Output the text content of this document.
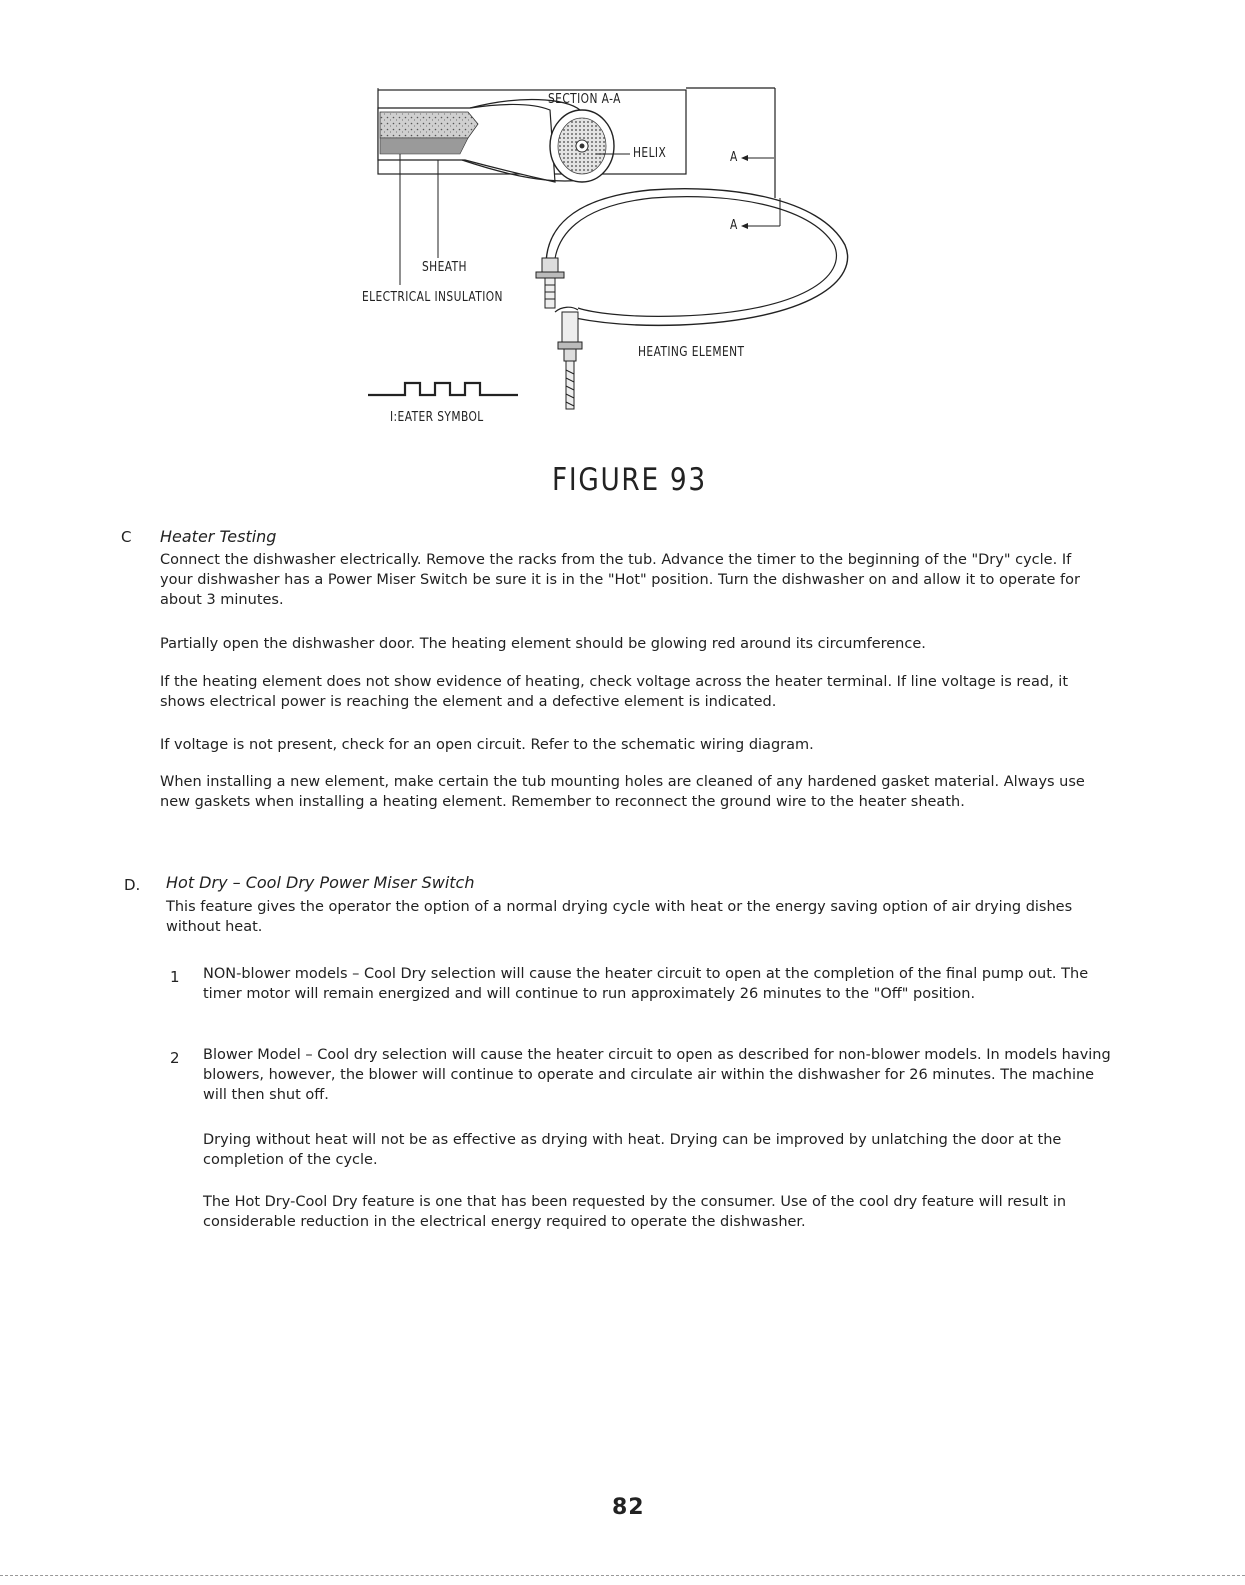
SECTION A-A
HELIX	A
A
SHEATH
ELECTRICAL INSULATION
HEATING ELEMENT
I:EATER SYMBOL
FIGURE 93
C Heater Testing

Connect the dishwasher electrically. Remove the racks from the tub. Advance the timer to the beginning of the "Dry" cycle. If your dishwasher has a Power Miser Switch be sure it is in the "Hot" position. Turn the dishwasher on and allow it to operate for about 3 minutes.

Partially open the dishwasher door. The heating element should be glowing red around its circumference.

If the heating element does not show evidence of heating, check voltage across the heater terminal. If line voltage is read, it shows electrical power is reaching the element and a defective element is indicated.

If voltage is not present, check for an open circuit. Refer to the schematic wiring diagram.

When installing a new element, make certain the tub mounting holes are cleaned of any hardened gasket material. Always use new gaskets when installing a heating element. Remember to reconnect the ground wire to the heater sheath.

D. Hot Dry – Cool Dry Power Miser Switch

This feature gives the operator the option of a normal drying cycle with heat or the energy saving option of air drying dishes without heat.

1 NON-blower models – Cool Dry selection will cause the heater circuit to open at the completion of the final pump out. The timer motor will remain energized and will continue to run approximately 26 minutes to the "Off" position.

2 Blower Model – Cool dry selection will cause the heater circuit to open as described for non-blower models. In models having blowers, however, the blower will continue to operate and circulate air within the dishwasher for 26 minutes. The machine will then shut off.

Drying without heat will not be as effective as drying with heat. Drying can be improved by unlatching the door at the completion of the cycle.

The Hot Dry-Cool Dry feature is one that has been requested by the consumer. Use of the cool dry feature will result in considerable reduction in the electrical energy required to operate the dishwasher.

82
